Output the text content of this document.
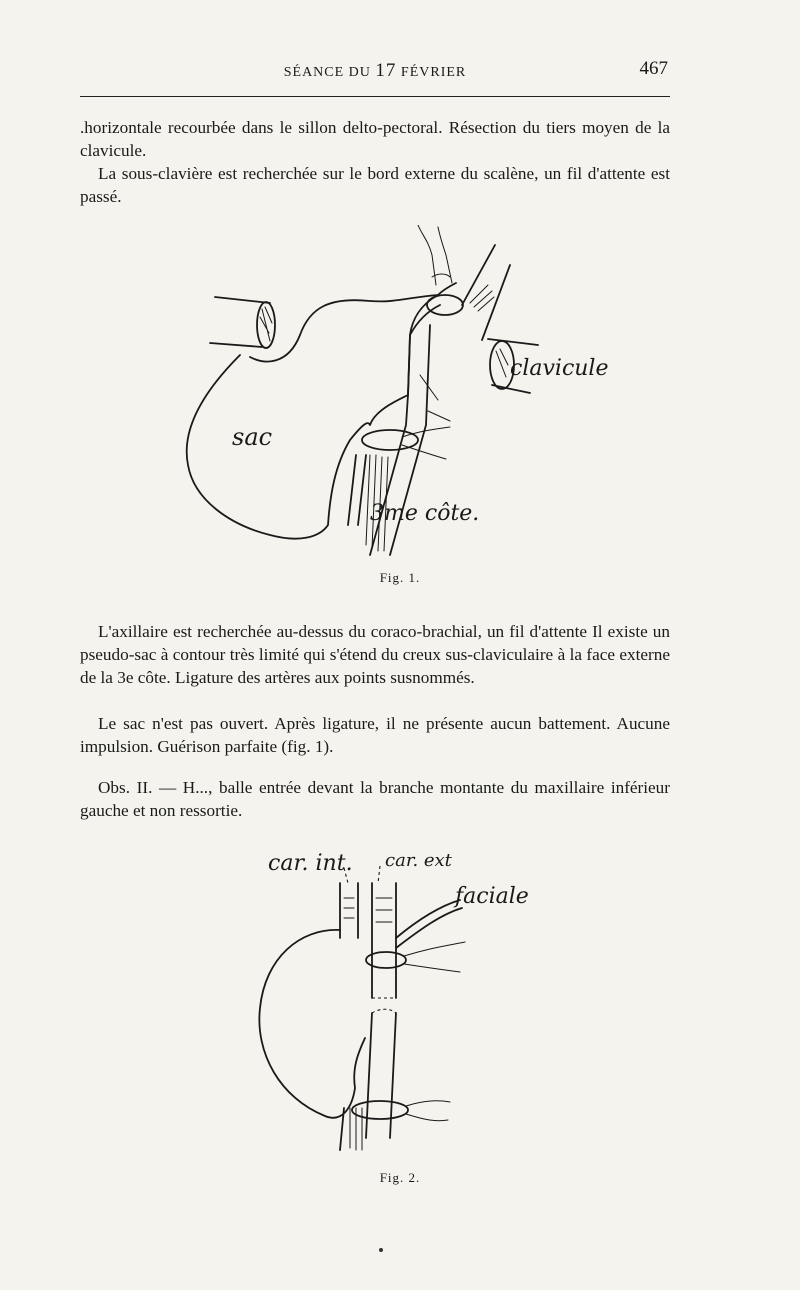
SÉANCE DU 17 FÉVRIER	467

.horizontale recourbée dans le sillon delto-pectoral. Résection du tiers moyen de la clavicule.

La sous-clavière est recherchée sur le bord externe du scalène, un fil d'attente est passé.

clavicule
sac
3me côte.
Fig. 1.

L'axillaire est recherchée au-dessus du coraco-brachial, un fil d'attente Il existe un pseudo-sac à contour très limité qui s'étend du creux sus-claviculaire à la face externe de la 3e côte. Ligature des artères aux points susnommés.

Le sac n'est pas ouvert. Après ligature, il ne présente aucun battement. Aucune impulsion. Guérison parfaite (fig. 1).

Obs. II. — H..., balle entrée devant la branche montante du maxillaire inférieur gauche et non ressortie.

car. int. car. ext
faciale
Fig. 2.
